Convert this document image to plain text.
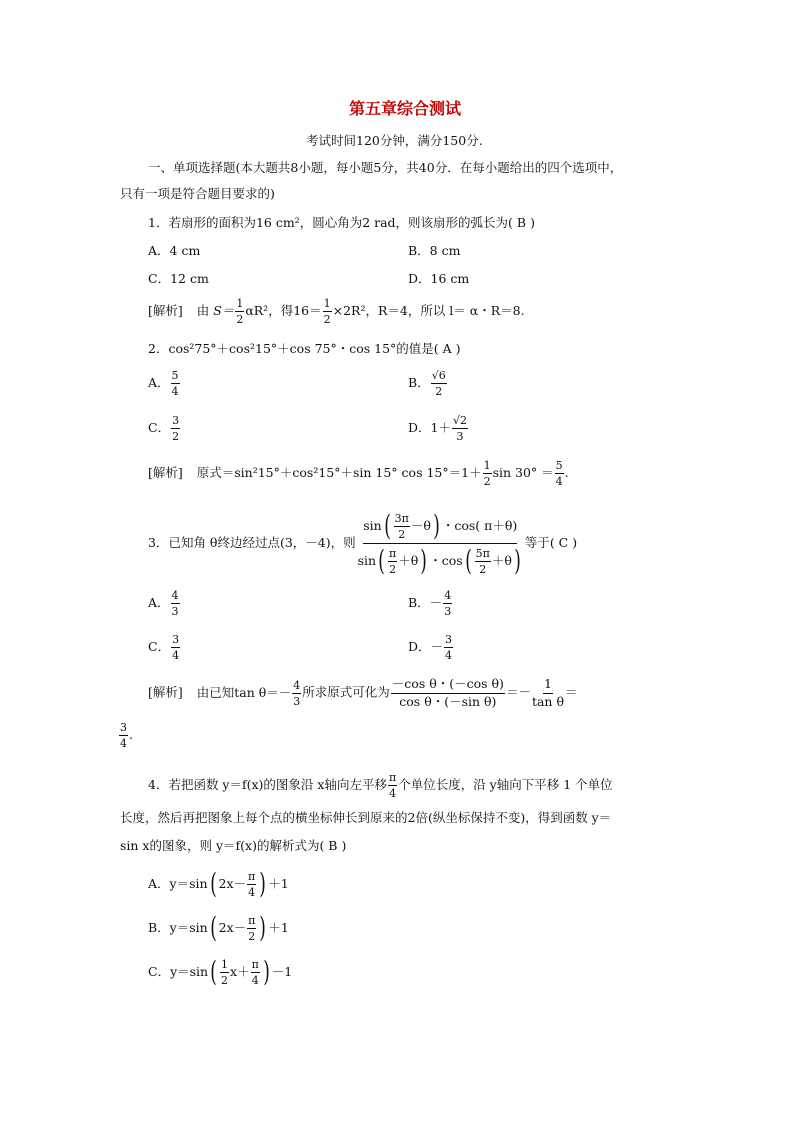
第五章综合测试
考试时间120分钟，满分150分.
一、单项选择题(本大题共8小题，每小题5分，共40分．在每小题给出的四个选项中，
只有一项是符合题目要求的)
1．若扇形的面积为16 cm²，圆心角为2 rad，则该扇形的弧长为( B )
A．4 cm	B．8 cm
C．12 cm	D．16 cm
[解析] 由 $S= \frac{1}{2} \alpha R^2$，得$16= \frac{1}{2} \times 2R^2$，R＝4，所以 l＝ α・R＝8.
2．cos²75°＋cos²15°＋cos 75°・cos 15°的值是( A )
A． $\frac{5}{4}$	B． $\frac{√6}{2}$
C． $\frac{3}{2}$	D．$1+ \frac{√2}{3}$
[解析] 原式＝sin²15°＋cos²15°＋sin 15° $\cos 15^\circ=1+ \frac{1}{2}$ $\sin 30^\circ = \frac{5}{4}$ .
3．已知角 θ终边经过点(3，－4)，则 $\frac{\sin ( \frac{3\pi}{2} -\theta ) ・\cos( \pi+\theta)}{\sin ( \frac{\pi}{2} +\theta ) ・\cos ( \frac{5\pi}{2} +\theta )}$ 等于( C )
A． $\frac{4}{3}$	B．－ $\frac{4}{3}$
C． $\frac{3}{4}$	D．－ $\frac{3}{4}$
[解析] 由已知$\tan \theta=- \frac{4}{3}$ 所求原式可化为 $\frac{\text{－cos θ・(－cos θ)}}{\text{cos θ・(－sin θ)}} =- \frac{1}{\text{tan θ}}$ ＝
$\frac{3}{4}$ .
4．若把函数 y＝f(x)的图象沿 x轴向左平移 $\frac{\pi}{4}$ 个单位长度，沿 y轴向下平移 1 个单位
长度，然后再把图象上每个点的横坐标伸长到原来的2倍(纵坐标保持不变)，得到函数 y＝
sin x的图象，则 y＝f(x)的解析式为( B )
A．y＝sin ( $2x- \frac{\pi}{4}$ ) ＋1
B．y＝sin ( $2x- \frac{\pi}{2}$ ) ＋1
C．y＝sin ( $\frac{1}{2} x+ \frac{\pi}{4}$ ) －1
